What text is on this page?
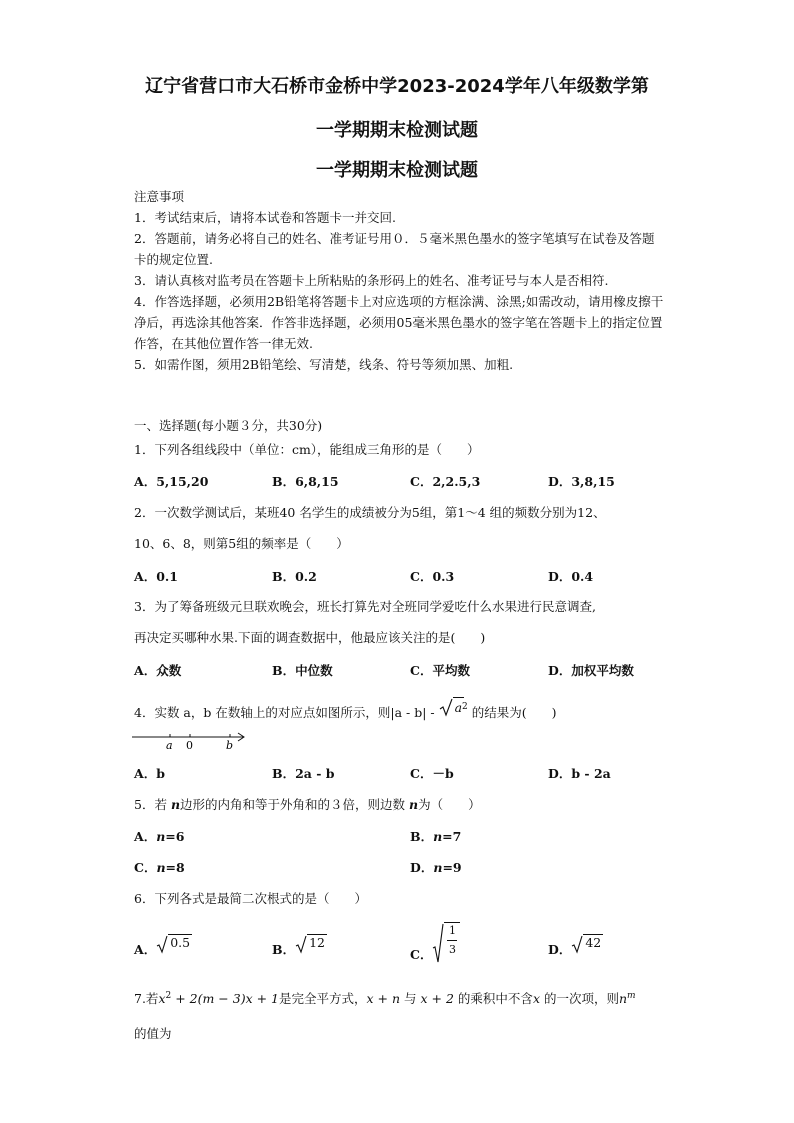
辽宁省营口市大石桥市金桥中学2023-2024学年八年级数学第
一学期期末检测试题
一学期期末检测试题

注意事项

1．考试结束后，请将本试卷和答题卡一并交回.

2．答题前，请务必将自己的姓名、准考证号用０．５毫米黑色墨水的签字笔填写在试卷及答题卡的规定位置.

3．请认真核对监考员在答题卡上所粘贴的条形码上的姓名、准考证号与本人是否相符.

4．作答选择题，必须用2B铅笔将答题卡上对应选项的方框涂满、涂黑;如需改动，请用橡皮擦干净后，再选涂其他答案．作答非选择题，必须用05毫米黑色墨水的签字笔在答题卡上的指定位置作答，在其他位置作答一律无效.

5．如需作图，须用2B铅笔绘、写清楚，线条、符号等须加黑、加粗.

一、选择题(每小题３分，共30分)
1．下列各组线段中（单位：cm），能组成三角形的是（　　）
A．5,15,20	B．6,8,15	C．2,2.5,3	D．3,8,15
2．一次数学测试后，某班40 名学生的成绩被分为5组，第1～4 组的频数分别为12、
10、6、8，则第5组的频率是（　　）
A．0.1	B．0.2	C．0.3	D．0.4
3．为了筹备班级元旦联欢晚会，班长打算先对全班同学爱吃什么水果进行民意调查,
再决定买哪种水果.下面的调查数据中，他最应该关注的是(　　)
A．众数	B．中位数	C．平均数	D．加权平均数
4．实数 a，b 在数轴上的对应点如图所示，则|a - b| - a 2 的结果为(　　)
a 0	b
A．b	B．2a - b	C．－b	D．b - 2a
5．若 n边形的内角和等于外角和的３倍，则边数 n为（　　）
A．n=6	B．n=7
C．n=8	D．n=9
6．下列各式是最简二次根式的是（　　）
A． 0.5	B． 12
C．
1
3	D． 42
7.若$x^2 + 2(m - 3)x + 1$是完全平方式，x + n 与 x + 2 的乘积中不含x 的一次项，则$n^m$
的值为
